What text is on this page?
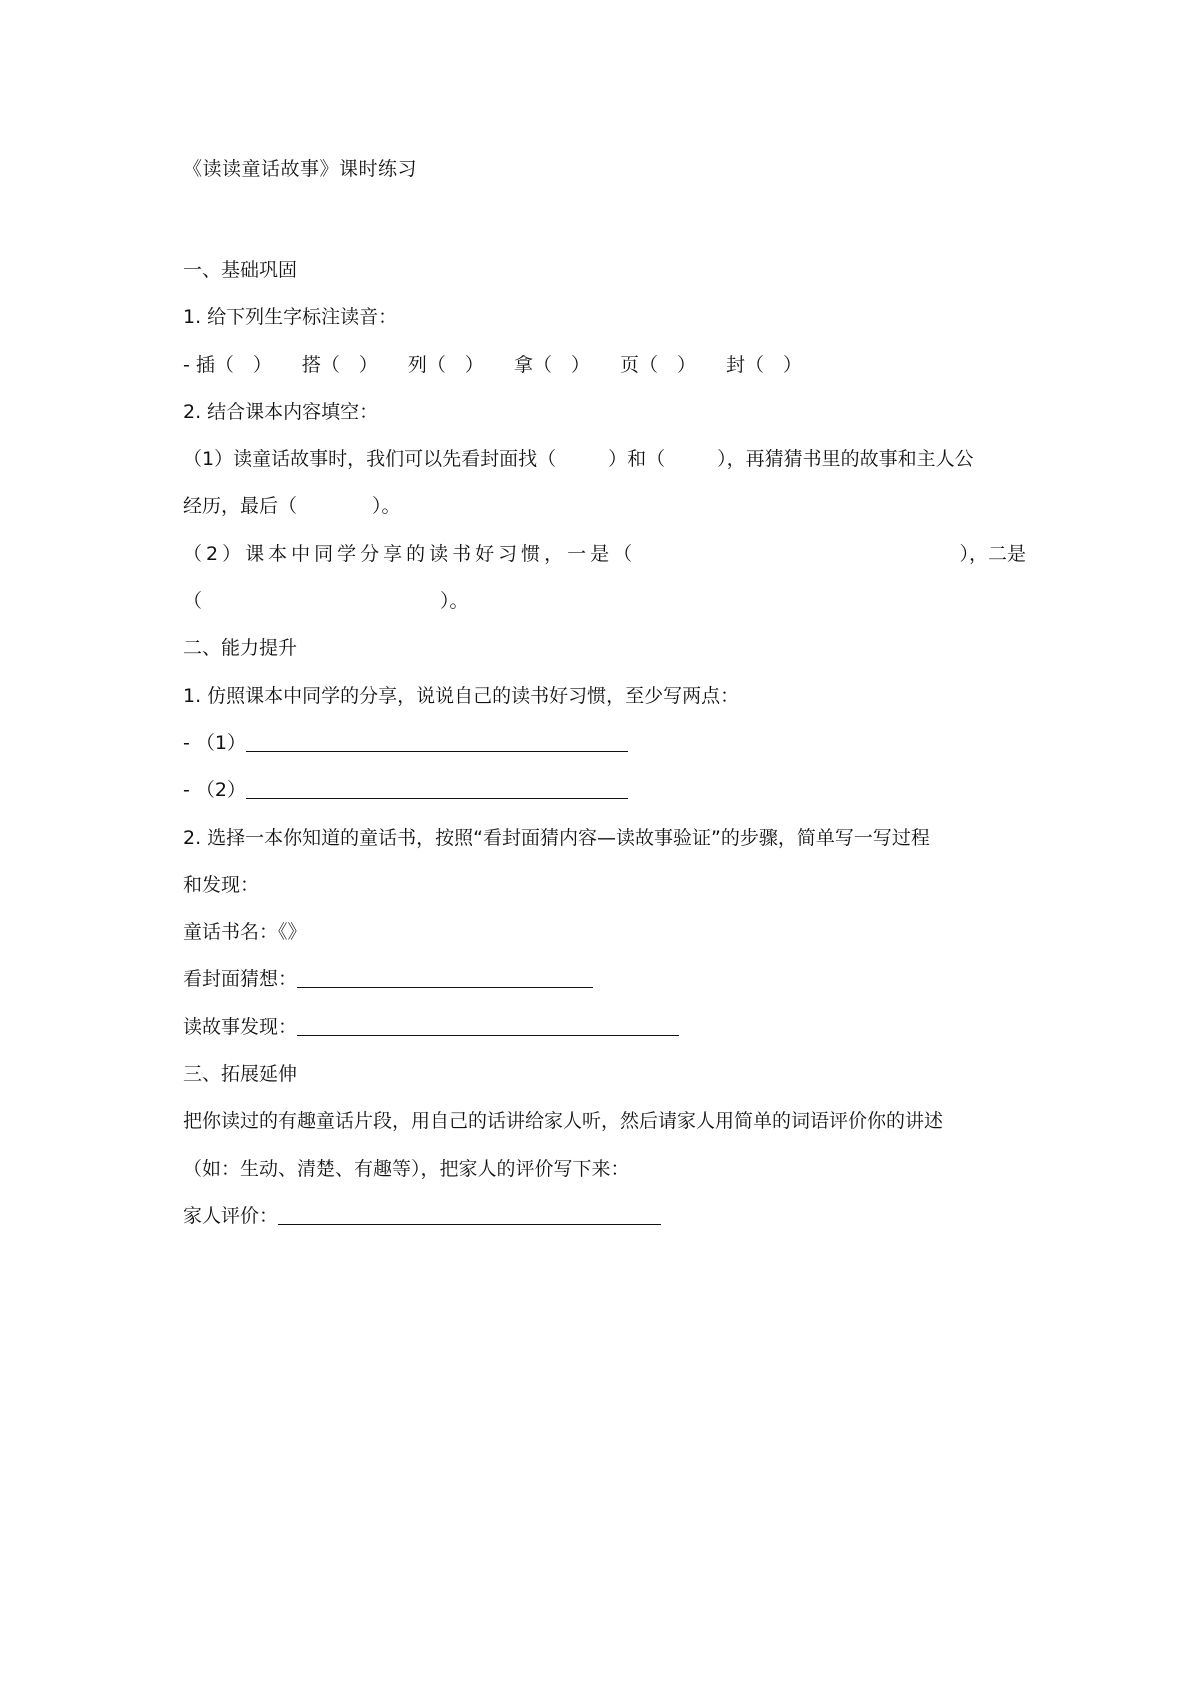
《读读童话故事》课时练习
一、基础巩固
1. 给下列生字标注读音：
- 插（　） 搭（　） 列（　） 拿（　） 页（　） 封（　）
2. 结合课本内容填空：
（1）读童话故事时，我们可以先看封面找（	）和（	），再猜猜书里的故事和主人公
经历，最后（	）。
（2）课本中同学分享的读书好习惯，一是（	），二是
（	）。
二、能力提升
1. 仿照课本中同学的分享，说说自己的读书好习惯，至少写两点：
- （1）
- （2）
2. 选择一本你知道的童话书，按照“看封面猜内容—读故事验证”的步骤，简单写一写过程
和发现：
童话书名：《》
看封面猜想：
读故事发现：
三、拓展延伸
把你读过的有趣童话片段，用自己的话讲给家人听，然后请家人用简单的词语评价你的讲述
（如：生动、清楚、有趣等），把家人的评价写下来：
家人评价：
